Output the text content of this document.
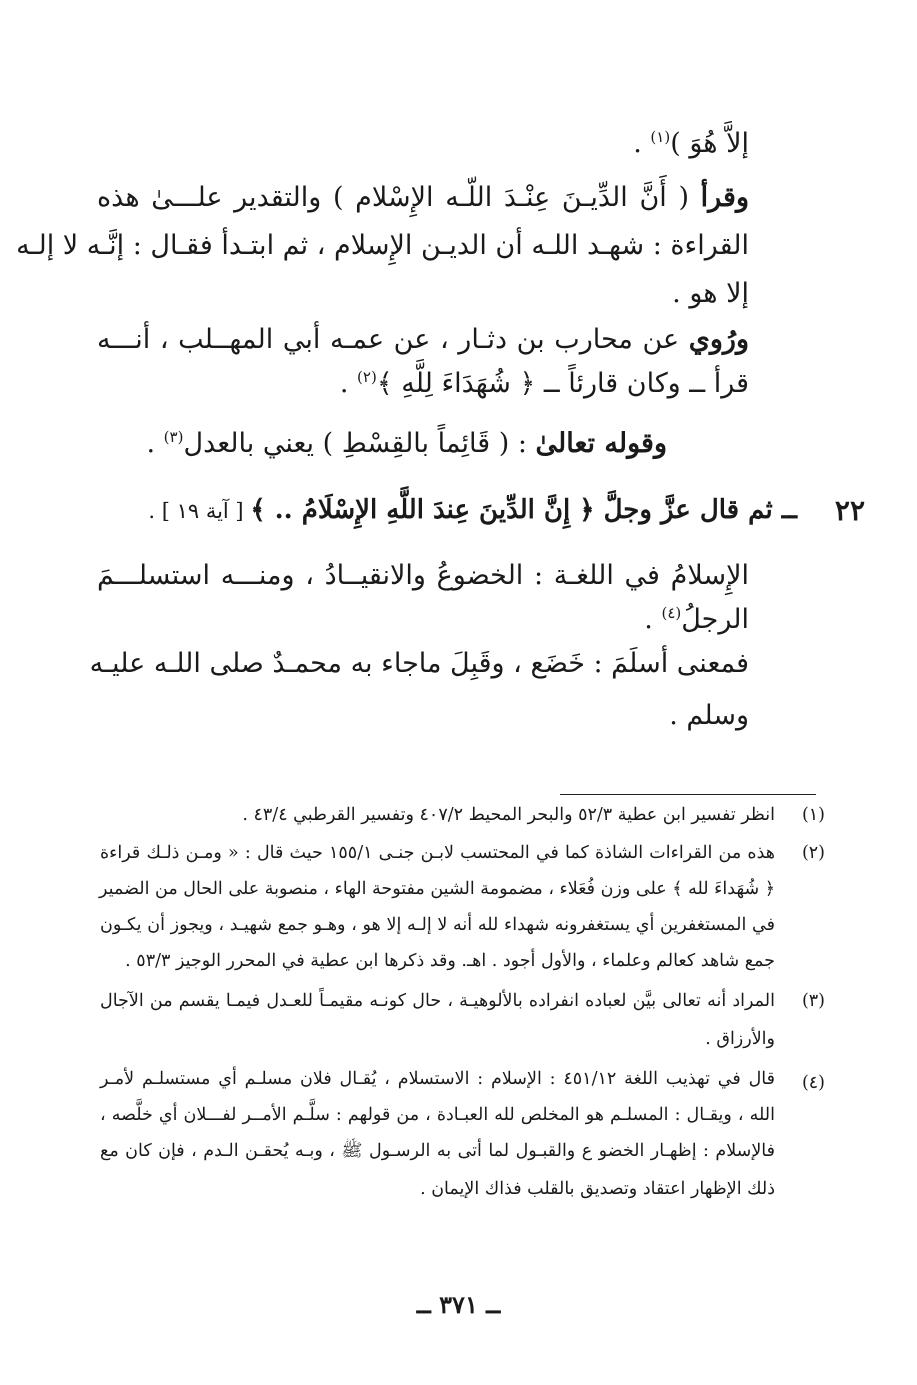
إلاَّ هُوَ )$^{(١)}$ .
وقرأ ( أَنَّ الدِّيـنَ عِنْـدَ اللّـه الإِسْلام ) والتقدير علـــىٰ هذه
القراءة : شهـد اللـه أن الديـن الإِسلام ، ثم ابتـدأ فقـال : إنَّـه لا إلـه
إلا هو .
ورُوي عن محارب بن دثـار ، عن عمـه أبي المهــلب ، أنـــه
قرأ ــ وكان قارئاً ــ ﴿ شُهَدَاءَ لِلَّهِ ﴾$^{(٢)}$ .
وقوله تعالىٰ : ( قَائِماً بالقِسْطِ ) يعني بالعدل$^{(٣)}$ .
٢٢
ــ ثم قال عزَّ وجلَّ ﴿ إِنَّ الدِّينَ عِندَ اللَّهِ الإِسْلَامُ .. ﴾ [ آية ١٩ ] .
الإِسلامُ في اللغـة : الخضوعُ والانقيــادُ ، ومنـــه استسلـــمَ
الرجلُ$^{(٤)}$ .
فمعنى أسلَمَ : خَضَع ، وقَبِلَ ماجاء به محمـدٌ صلى اللـه عليـه
وسلم .
(١)
انظر تفسير ابن عطية ٥٢/٣ والبحر المحيط ٤٠٧/٢ وتفسير القرطبي ٤٣/٤ .
(٢)
هذه من القراءات الشاذة كما في المحتسب لابـن جنـى ١٥٥/١ حيث قال : « ومـن ذلـك قراءة
﴿ شُهَداءَ لله ﴾ على وزن فُعَلاء ، مضمومة الشين مفتوحة الهاء ، منصوبة على الحال من الضمير
في المستغفرين أي يستغفرونه شهداء لله أنه لا إلـه إلا هو ، وهـو جمع شهيـد ، ويجوز أن يكـون
جمع شاهد كعالم وعلماء ، والأول أجود . اهـ. وقد ذكرها ابن عطية في المحرر الوجيز ٥٣/٣ .
(٣)
المراد أنه تعالى بيَّن لعباده انفراده بالألوهيـة ، حال كونـه مقيمـاً للعـدل فيمـا يقسم من الآجال
والأرزاق .
(٤)
قال في تهذيب اللغة ٤٥١/١٢ : الإسلام : الاستسلام ، يُقـال فلان مسلـم أي مستسلـم لأمـر
الله ، ويقـال : المسلـم هو المخلص لله العبـادة ، من قولهم : سلَّـم الأمــر لفـــلان أي خلَّصه ،
فالإسلام : إظهـار الخضو ع والقبـول لما أتى به الرسـول ﷺ ، وبـه يُحقـن الـدم ، فإن كان مع
ذلك الإظهار اعتقاد وتصديق بالقلب فذاك الإيمان .
ــ ٣٧١ ــ
